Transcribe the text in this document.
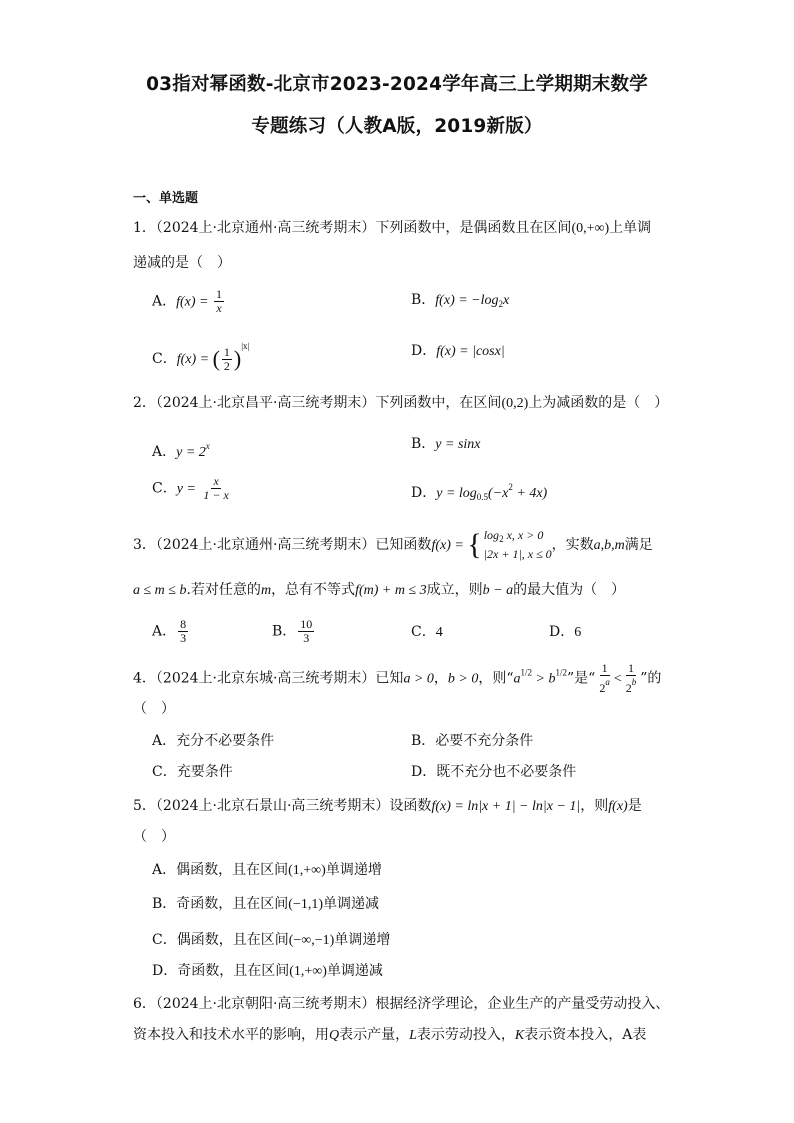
03指对幂函数-北京市2023-2024学年高三上学期期末数学
专题练习（人教A版，2019新版）
一、单选题
1．（2024上·北京通州·高三统考期末）下列函数中，是偶函数且在区间(0,+∞)上单调
递减的是（　）
A．$f(x) = \frac{1}{x}$	B．$f(x) = -\log_2x$
C．f(x) = ( $\frac{1}{2} )^{|x|}$	D．f(x) = |cosx|
2．（2024上·北京昌平·高三统考期末）下列函数中，在区间(0,2)上为减函数的是（　）
A．$y = 2^x$	B．y = sinx
C．$y = \frac{x}{1 - x}$	D．$y = \log_{0.5}(-x^2 + 4x)$
3．（2024上·北京通州·高三统考期末）已知函数f(x) = { $\log_2 x$, x > 0
|2x + 1|, x ≤ 0
，实数a,b,m满足
a ≤ m ≤ b.若对任意的m，总有不等式f(m) + m ≤ 3成立，则b − a的最大值为（　）
A． $\frac{8}{3}$	B． $\frac{10}{3}$	C．4	D．6
4．（2024上·北京东城·高三统考期末）已知a > 0，b > 0，则“$a^{1/2} > b^{1/2}$”是“ $\frac{1}{2^a} < \frac{1}{2^b}$ ”的
（　）
A．充分不必要条件	B．必要不充分条件
C．充要条件	D．既不充分也不必要条件
5．（2024上·北京石景山·高三统考期末）设函数f(x) = ln|x + 1| − ln|x − 1|，则f(x)是
（　）
A．偶函数，且在区间(1,+∞)单调递增
B．奇函数，且在区间(−1,1)单调递减
C．偶函数，且在区间(−∞,−1)单调递增
D．奇函数，且在区间(1,+∞)单调递减
6．（2024上·北京朝阳·高三统考期末）根据经济学理论，企业生产的产量受劳动投入、
资本投入和技术水平的影响，用Q表示产量，L表示劳动投入，K表示资本投入，A表
